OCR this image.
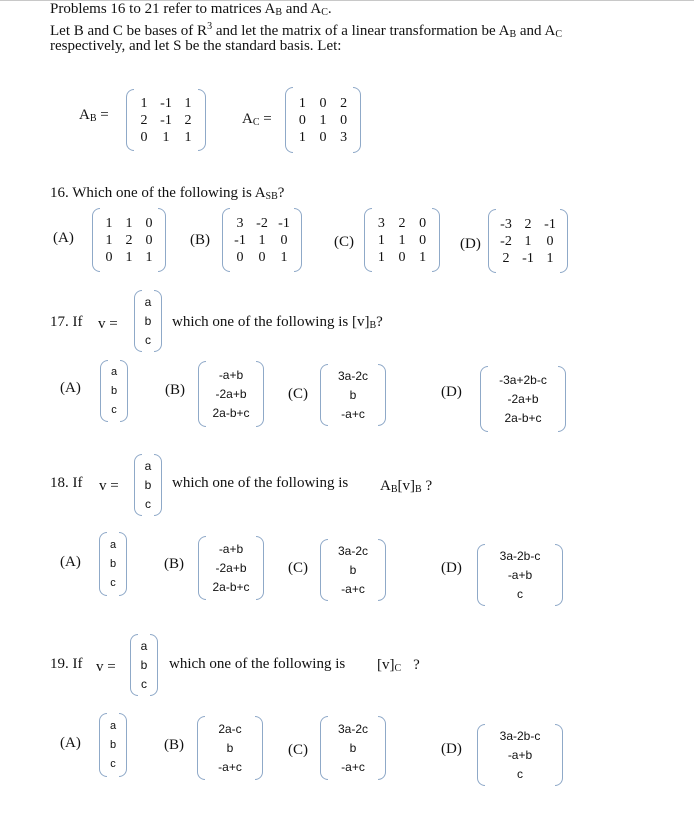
Problems 16 to 21 refer to matrices $A_B$ and $A_C$.
Let B and C be bases of $R^3$ and let the matrix of a linear transformation be $A_B$ and $A_C$
respectively, and let S be the standard basis. Let:
$A_B$ =
1 -1 1
2 -1 2
0	1	1
$A_C$ =
1 0 2
0 1 0
1 0 3
16. Which one of the following is $A_{SB}$?
(A)
1 1 0
1 2 0
0 1 1
(B)
3 -2 -1
-1 1	0
0	0	1
(C)
3 2 0
1 1 0
1 0 1
(D)
-3 2 -1
-2 1	0
2 -1 1
17. If v =
a
b
c
which one of the following is $[v]_B$?
(A)
a
b
c
(B)
-a+b
-2a+b
2a-b+c
(C)
3a-2c
b
-a+c
(D)
-3a+2b-c
-2a+b
2a-b+c
18. If v =
a
b
c
which one of the following is $A_B[v]_B$ ?
(A)
a
b
c
(B)
-a+b
-2a+b
2a-b+c
(C)
3a-2c
b
-a+c
(D)
3a-2b-c
-a+b
c
19. If v =
a
b
c
which one of the following is $[v]_C$ ?
(A)
a
b
c
(B)
2a-c
b
-a+c
(C)
3a-2c
b
-a+c
(D)
3a-2b-c
-a+b
c
